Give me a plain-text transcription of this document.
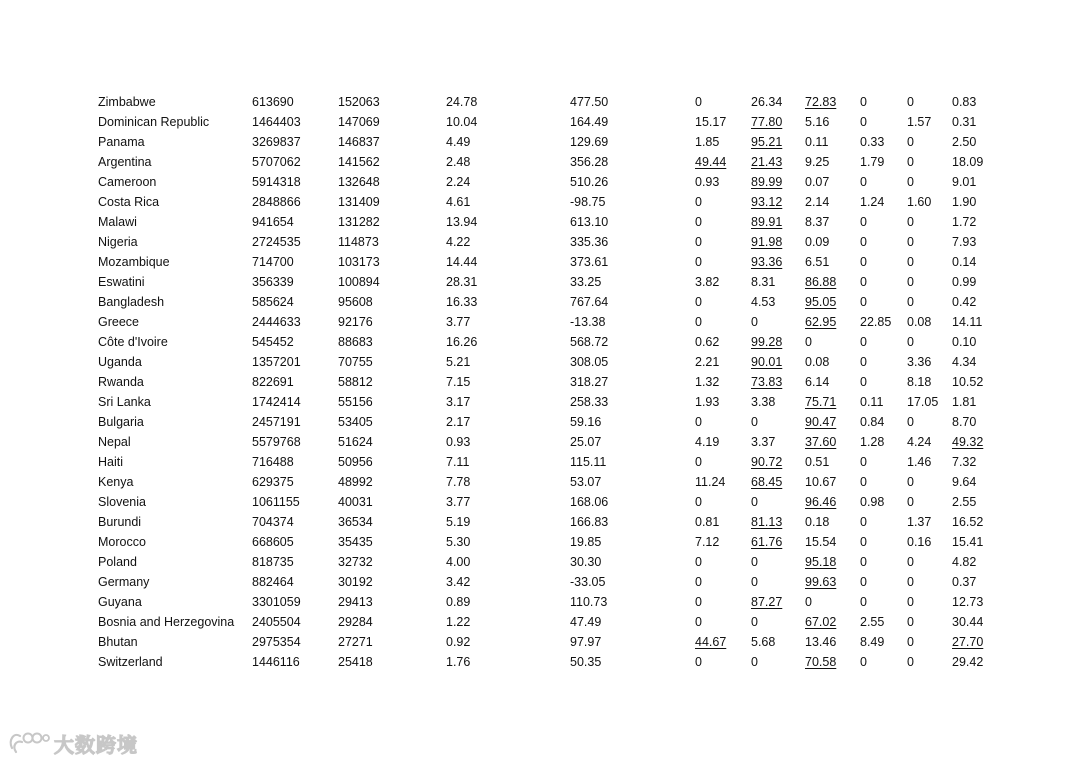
Zimbabwe	613690	152063	24.78	477.50	0	26.34	72.83	0	0	0.83
Dominican Republic	1464403	147069	10.04	164.49	15.17	77.80	5.16	0	1.57	0.31
Panama	3269837	146837	4.49	129.69	1.85	95.21	0.11	0.33	0	2.50
Argentina	5707062	141562	2.48	356.28	49.44	21.43	9.25	1.79	0	18.09
Cameroon	5914318	132648	2.24	510.26	0.93	89.99	0.07	0	0	9.01
Costa Rica	2848866	131409	4.61	-98.75	0	93.12	2.14	1.24	1.60	1.90
Malawi	941654	131282	13.94	613.10	0	89.91	8.37	0	0	1.72
Nigeria	2724535	114873	4.22	335.36	0	91.98	0.09	0	0	7.93
Mozambique	714700	103173	14.44	373.61	0	93.36	6.51	0	0	0.14
Eswatini	356339	100894	28.31	33.25	3.82	8.31	86.88	0	0	0.99
Bangladesh	585624	95608	16.33	767.64	0	4.53	95.05	0	0	0.42
Greece	2444633	92176	3.77	-13.38	0	0	62.95	22.85	0.08	14.11
Côte d'Ivoire	545452	88683	16.26	568.72	0.62	99.28	0	0	0	0.10
Uganda	1357201	70755	5.21	308.05	2.21	90.01	0.08	0	3.36	4.34
Rwanda	822691	58812	7.15	318.27	1.32	73.83	6.14	0	8.18	10.52
Sri Lanka	1742414	55156	3.17	258.33	1.93	3.38	75.71	0.11	17.05	1.81
Bulgaria	2457191	53405	2.17	59.16	0	0	90.47	0.84	0	8.70
Nepal	5579768	51624	0.93	25.07	4.19	3.37	37.60	1.28	4.24	49.32
Haiti	716488	50956	7.11	115.11	0	90.72	0.51	0	1.46	7.32
Kenya	629375	48992	7.78	53.07	11.24	68.45	10.67	0	0	9.64
Slovenia	1061155	40031	3.77	168.06	0	0	96.46	0.98	0	2.55
Burundi	704374	36534	5.19	166.83	0.81	81.13	0.18	0	1.37	16.52
Morocco	668605	35435	5.30	19.85	7.12	61.76	15.54	0	0.16	15.41
Poland	818735	32732	4.00	30.30	0	0	95.18	0	0	4.82
Germany	882464	30192	3.42	-33.05	0	0	99.63	0	0	0.37
Guyana	3301059	29413	0.89	110.73	0	87.27	0	0	0	12.73
Bosnia and Herzegovina	2405504	29284	1.22	47.49	0	0	67.02	2.55	0	30.44
Bhutan	2975354	27271	0.92	97.97	44.67	5.68	13.46	8.49	0	27.70
Switzerland	1446116	25418	1.76	50.35	0	0	70.58	0	0	29.42
大数跨境
